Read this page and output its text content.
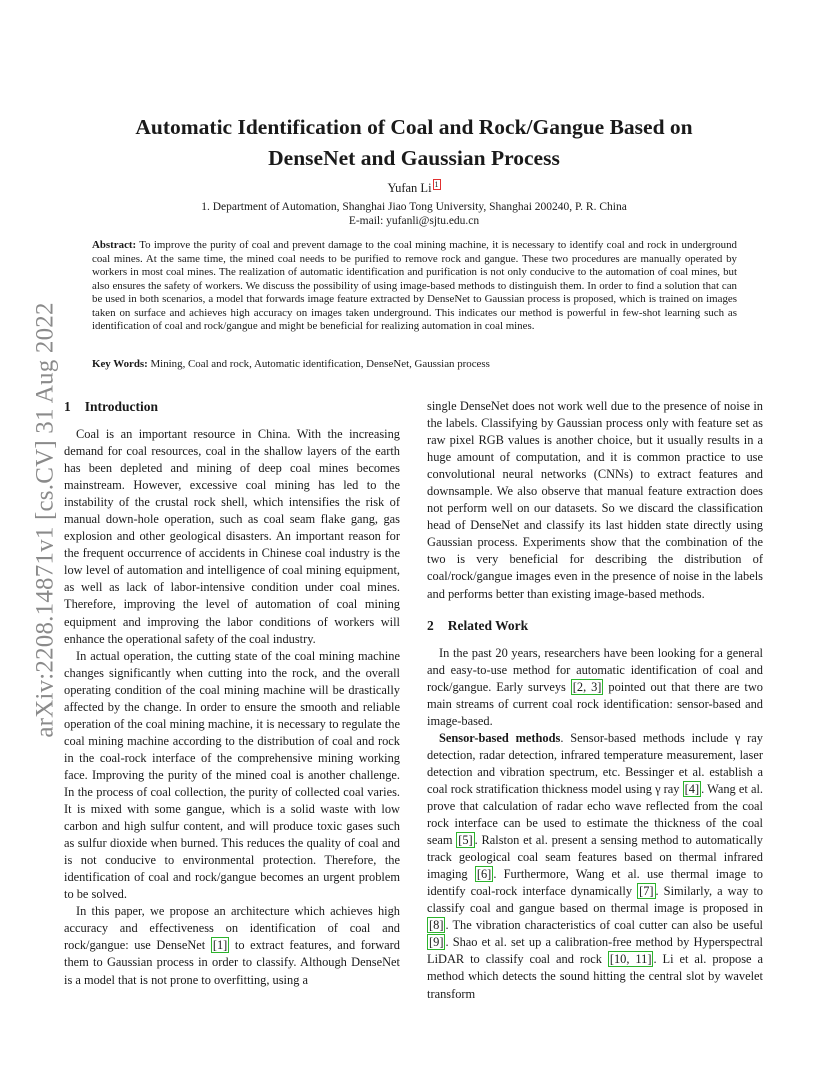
arXiv:2208.14871v1 [cs.CV] 31 Aug 2022
Automatic Identification of Coal and Rock/Gangue Based on
DenseNet and Gaussian Process
Yufan Li $^1$
1. Department of Automation, Shanghai Jiao Tong University, Shanghai 200240, P. R. China
E-mail: yufanli@sjtu.edu.cn
Abstract: To improve the purity of coal and prevent damage to the coal mining machine, it is necessary to identify coal and rock in underground coal mines. At the same time, the mined coal needs to be purified to remove rock and gangue. These two procedures are manually operated by workers in most coal mines. The realization of automatic identification and purification is not only conducive to the automation of coal mines, but also ensures the safety of workers. We discuss the possibility of using image-based methods to distinguish them. In order to find a solution that can be used in both scenarios, a model that forwards image feature extracted by DenseNet to Gaussian process is proposed, which is trained on images taken on surface and achieves high accuracy on images taken underground. This indicates our method is powerful in few-shot learning such as identification of coal and rock/gangue and might be beneficial for realizing automation in coal mines.
Key Words: Mining, Coal and rock, Automatic identification, DenseNet, Gaussian process
1 Introduction

Coal is an important resource in China. With the increasing demand for coal resources, coal in the shallow layers of the earth has been depleted and mining of deep coal mines becomes mainstream. However, excessive coal mining has led to the instability of the crustal rock shell, which intensifies the risk of manual down-hole operation, such as coal seam flake gang, gas explosion and other geological disasters. An important reason for the frequent occurrence of accidents in Chinese coal industry is the low level of automation and intelligence of coal mining equipment, as well as lack of labor-intensive condition under coal mines. Therefore, improving the level of automation of coal mining equipment and improving the labor conditions of workers will enhance the operational safety of the coal industry.

In actual operation, the cutting state of the coal mining machine changes significantly when cutting into the rock, and the overall operating condition of the coal mining machine will be drastically affected by the change. In order to ensure the smooth and reliable operation of the coal mining machine, it is necessary to regulate the coal mining machine according to the distribution of coal and rock in the coal-rock interface of the comprehensive mining working face. Improving the purity of the mined coal is another challenge. In the process of coal collection, the purity of collected coal varies. It is mixed with some gangue, which is a solid waste with low carbon and high sulfur content, and will produce toxic gases such as sulfur dioxide when burned. This reduces the quality of coal and is not conducive to environmental protection. Therefore, the identification of coal and rock/gangue becomes an urgent problem to be solved.

In this paper, we propose an architecture which achieves high accuracy and effectiveness on identification of coal and rock/gangue: use DenseNet [1] to extract features, and forward them to Gaussian process in order to classify. Although DenseNet is a model that is not prone to overfitting, using a

single DenseNet does not work well due to the presence of noise in the labels. Classifying by Gaussian process only with feature set as raw pixel RGB values is another choice, but it usually results in a huge amount of computation, and it is common practice to use convolutional neural networks (CNNs) to extract features and downsample. We also observe that manual feature extraction does not perform well on our datasets. So we discard the classification head of DenseNet and classify its last hidden state directly using Gaussian process. Experiments show that the combination of the two is very beneficial for describing the distribution of coal/rock/gangue images even in the presence of noise in the labels and performs better than existing image-based methods.

2 Related Work

In the past 20 years, researchers have been looking for a general and easy-to-use method for automatic identification of coal and rock/gangue. Early surveys [2, 3] pointed out that there are two main streams of current coal rock identification: sensor-based and image-based.

Sensor-based methods. Sensor-based methods include γ ray detection, radar detection, infrared temperature measurement, laser detection and vibration spectrum, etc. Bessinger et al. establish a coal rock stratification thickness model using γ ray [4] . Wang et al. prove that calculation of radar echo wave reflected from the coal rock interface can be used to estimate the thickness of the coal seam [5] . Ralston et al. present a sensing method to automatically track geological coal seam features based on thermal infrared imaging [6] . Furthermore, Wang et al. use thermal image to identify coal-rock interface dynamically [7] . Similarly, a way to classify coal and gangue based on thermal image is proposed in [8] . The vibration characteristics of coal cutter can also be useful [9] . Shao et al. set up a calibration-free method by Hyperspectral LiDAR to classify coal and rock [10, 11] . Li et al. propose a method which detects the sound hitting the central slot by wavelet transform
